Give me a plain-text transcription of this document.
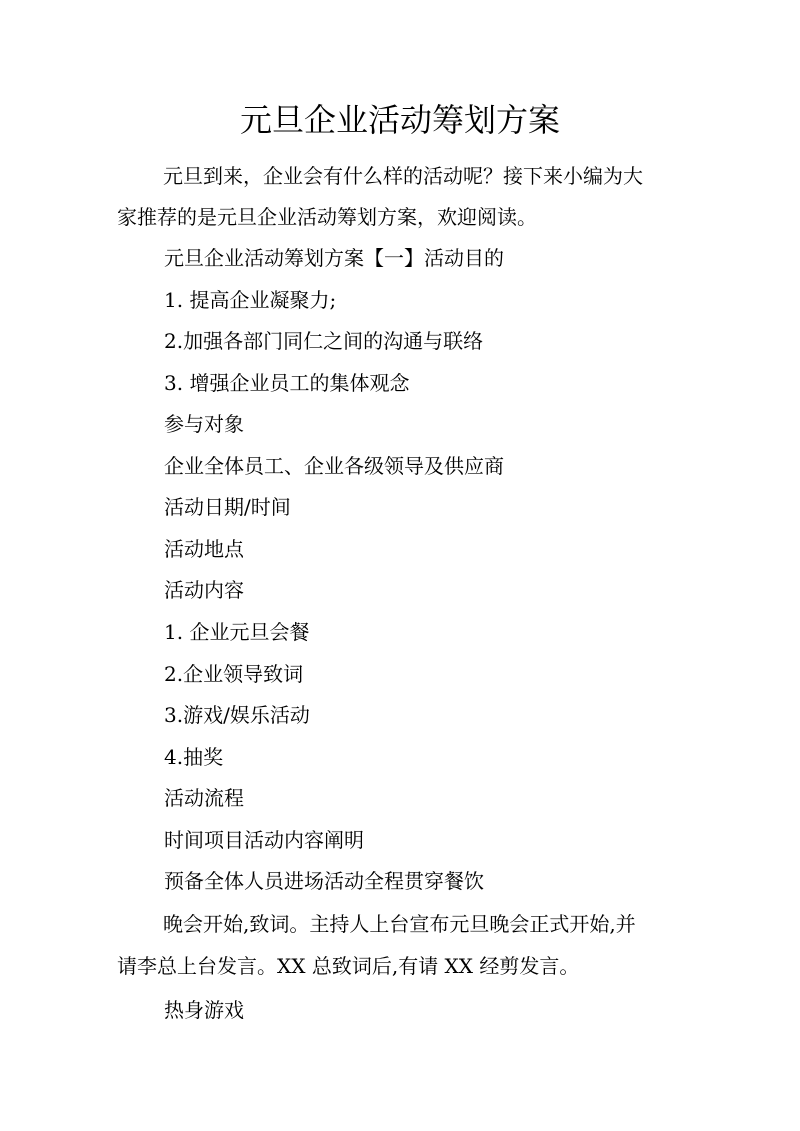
元旦企业活动筹划方案

元旦到来，企业会有什么样的活动呢？接下来小编为大

家推荐的是元旦企业活动筹划方案，欢迎阅读。

元旦企业活动筹划方案【一】活动目的

1. 提高企业凝聚力;

2.加强各部门同仁之间的沟通与联络

3. 增强企业员工的集体观念

参与对象

企业全体员工、企业各级领导及供应商

活动日期/时间

活动地点

活动内容

1. 企业元旦会餐

2.企业领导致词

3.游戏/娱乐活动

4.抽奖

活动流程

时间项目活动内容阐明

预备全体人员进场活动全程贯穿餐饮

晚会开始,致词。主持人上台宣布元旦晚会正式开始,并

请李总上台发言。XX 总致词后,有请 XX 经剪发言。

热身游戏
